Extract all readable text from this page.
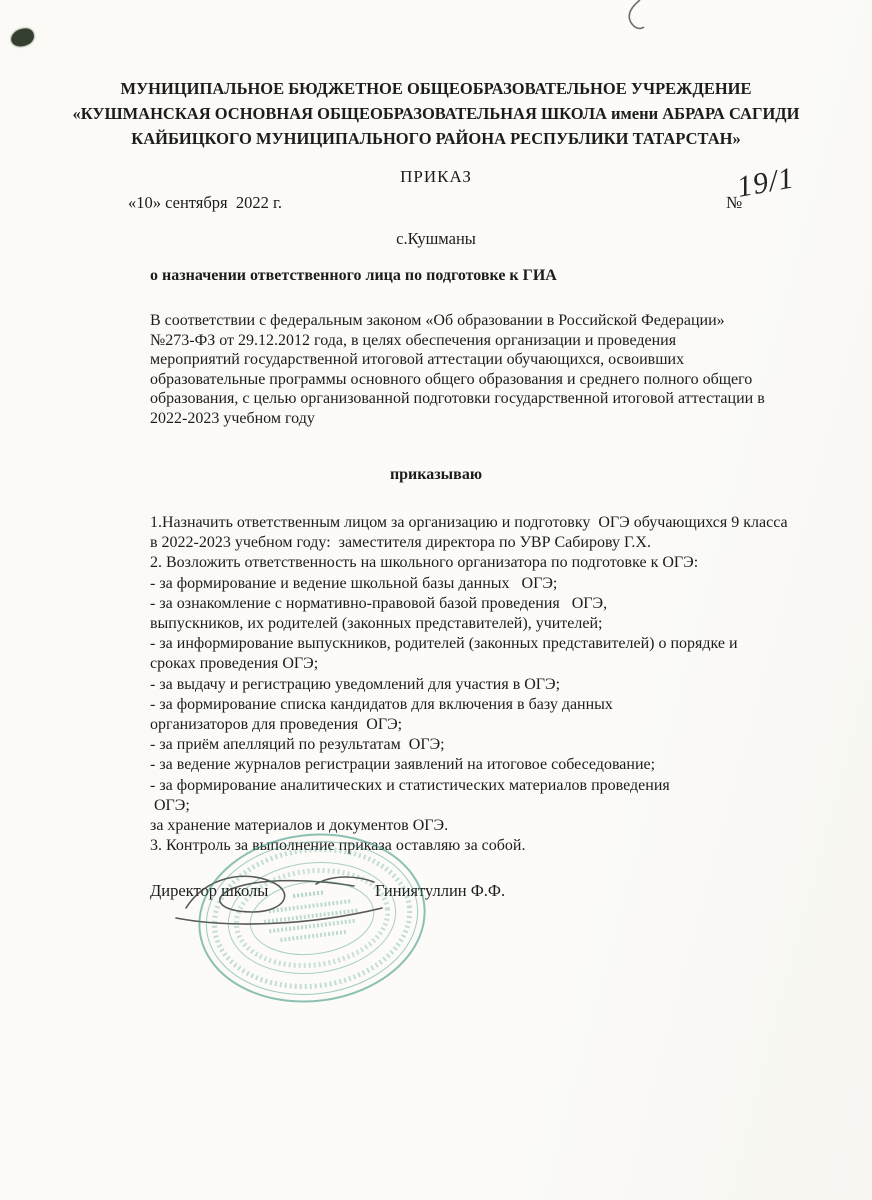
МУНИЦИПАЛЬНОЕ БЮДЖЕТНОЕ ОБЩЕОБРАЗОВАТЕЛЬНОЕ УЧРЕЖДЕНИЕ
«КУШМАНСКАЯ ОСНОВНАЯ ОБЩЕОБРАЗОВАТЕЛЬНАЯ ШКОЛА имени АБРАРА САГИДИ
КАЙБИЦКОГО МУНИЦИПАЛЬНОГО РАЙОНА РЕСПУБЛИКИ ТАТАРСТАН»
ПРИКАЗ
«10» сентября  2022 г.	№
19/1
с.Кушманы
о назначении ответственного лица по подготовке к ГИА
В соответствии с федеральным законом «Об образовании в Российской Федерации»
№273-ФЗ от 29.12.2012 года, в целях обеспечения организации и проведения
мероприятий государственной итоговой аттестации обучающихся, освоивших
образовательные программы основного общего образования и среднего полного общего
образования, с целью организованной подготовки государственной итоговой аттестации в
2022-2023 учебном году
приказываю
1.Назначить ответственным лицом за организацию и подготовку  ОГЭ обучающихся 9 класса
в 2022-2023 учебном году:  заместителя директора по УВР Сабирову Г.Х.
2. Возложить ответственность на школьного организатора по подготовке к ОГЭ:
- за формирование и ведение школьной базы данных   ОГЭ;
- за ознакомление с нормативно-правовой базой проведения   ОГЭ,
выпускников, их родителей (законных представителей), учителей;
- за информирование выпускников, родителей (законных представителей) о порядке и
сроках проведения ОГЭ;
- за выдачу и регистрацию уведомлений для участия в ОГЭ;
- за формирование списка кандидатов для включения в базу данных
организаторов для проведения  ОГЭ;
- за приём апелляций по результатам  ОГЭ;
- за ведение журналов регистрации заявлений на итоговое собеседование;
- за формирование аналитических и статистических материалов проведения
ОГЭ;
за хранение материалов и документов ОГЭ.
3. Контроль за выполнение приказа оставляю за собой.
Директор школы	Гиниятуллин Ф.Ф.
